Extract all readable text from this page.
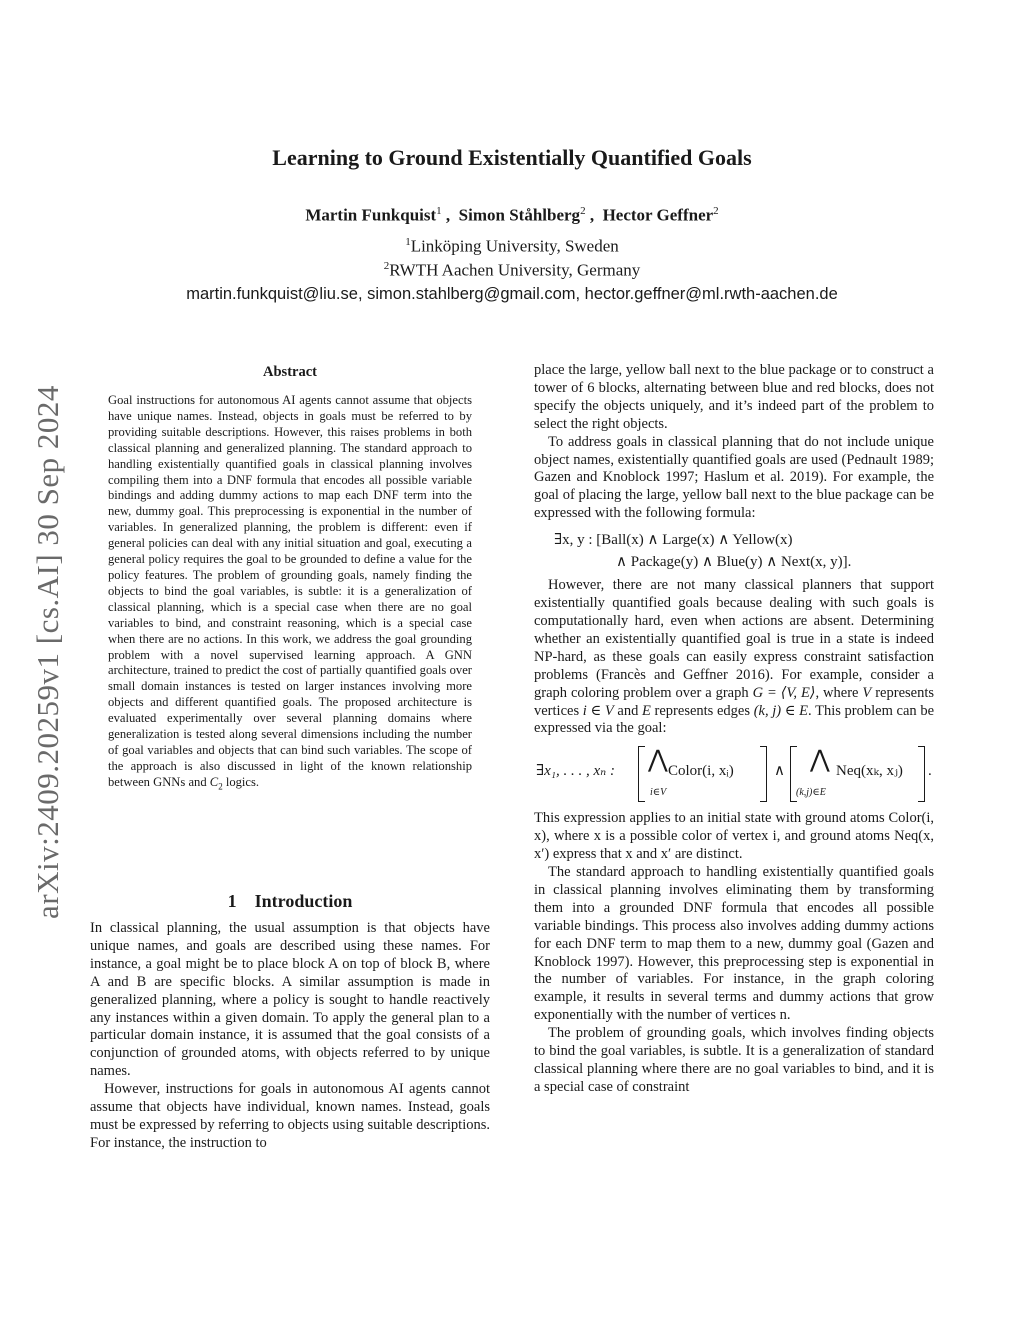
arXiv:2409.20259v1 [cs.AI] 30 Sep 2024
Learning to Ground Existentially Quantified Goals
Martin Funkquist$^1$ ,  Simon Ståhlberg$^2$ ,  Hector Geffner$^2$
$^1$Linköping University, Sweden
$^2$RWTH Aachen University, Germany
martin.funkquist@liu.se, simon.stahlberg@gmail.com, hector.geffner@ml.rwth-aachen.de
Abstract
Goal instructions for autonomous AI agents cannot assume that objects have unique names. Instead, objects in goals must be referred to by providing suitable descriptions. However, this raises problems in both classical planning and generalized planning. The standard approach to handling existentially quantified goals in classical planning involves compiling them into a DNF formula that encodes all possible variable bindings and adding dummy actions to map each DNF term into the new, dummy goal. This preprocessing is exponential in the number of variables. In generalized planning, the problem is different: even if general policies can deal with any initial situation and goal, executing a general policy requires the goal to be grounded to define a value for the policy features. The problem of grounding goals, namely finding the objects to bind the goal variables, is subtle: it is a generalization of classical planning, which is a special case when there are no goal variables to bind, and constraint reasoning, which is a special case when there are no actions. In this work, we address the goal grounding problem with a novel supervised learning approach. A GNN architecture, trained to predict the cost of partially quantified goals over small domain instances is tested on larger instances involving more objects and different quantified goals. The proposed architecture is evaluated experimentally over several planning domains where generalization is tested along several dimensions including the number of goal variables and objects that can bind such variables. The scope of the approach is also discussed in light of the known relationship between GNNs and $C_2$ logics.
1 Introduction

In classical planning, the usual assumption is that objects have unique names, and goals are described using these names. For instance, a goal might be to place block A on top of block B, where A and B are specific blocks. A similar assumption is made in generalized planning, where a policy is sought to handle reactively any instances within a given domain. To apply the general plan to a particular domain instance, it is assumed that the goal consists of a conjunction of grounded atoms, with objects referred to by unique names.

However, instructions for goals in autonomous AI agents cannot assume that objects have individual, known names. Instead, goals must be expressed by referring to objects using suitable descriptions. For instance, the instruction to

place the large, yellow ball next to the blue package or to construct a tower of 6 blocks, alternating between blue and red blocks, does not specify the objects uniquely, and it’s indeed part of the problem to select the right objects.

To address goals in classical planning that do not include unique object names, existentially quantified goals are used (Pednault 1989; Gazen and Knoblock 1997; Haslum et al. 2019). For example, the goal of placing the large, yellow ball next to the blue package can be expressed with the following formula:

∃x, y : [Ball(x) ∧ Large(x) ∧ Yellow(x)
∧ Package(y) ∧ Blue(y) ∧ Next(x, y)].

However, there are not many classical planners that support existentially quantified goals because dealing with such goals is computationally hard, even when actions are absent. Determining whether an existentially quantified goal is true in a state is indeed NP-hard, as these goals can easily express constraint satisfaction problems (Francès and Geffner 2016). For example, consider a graph coloring problem over a graph G = ⟨V, E⟩, where V represents vertices i ∈ V and E represents edges (k, j) ∈ E. This problem can be expressed via the goal:

∃x₁, . . . , xₙ : ⋀
i∈V
Color(i, xᵢ)	∧ ⋀
(k,j)∈E
Neq(xₖ, xⱼ) .

This expression applies to an initial state with ground atoms Color(i, x), where x is a possible color of vertex i, and ground atoms Neq(x, x′) express that x and x′ are distinct.

The standard approach to handling existentially quantified goals in classical planning involves eliminating them by transforming them into a grounded DNF formula that encodes all possible variable bindings. This process also involves adding dummy actions for each DNF term to map them to a new, dummy goal (Gazen and Knoblock 1997). However, this preprocessing step is exponential in the number of variables. For instance, in the graph coloring example, it results in several terms and dummy actions that grow exponentially with the number of vertices n.

The problem of grounding goals, which involves finding objects to bind the goal variables, is subtle. It is a generalization of standard classical planning where there are no goal variables to bind, and it is a special case of constraint
